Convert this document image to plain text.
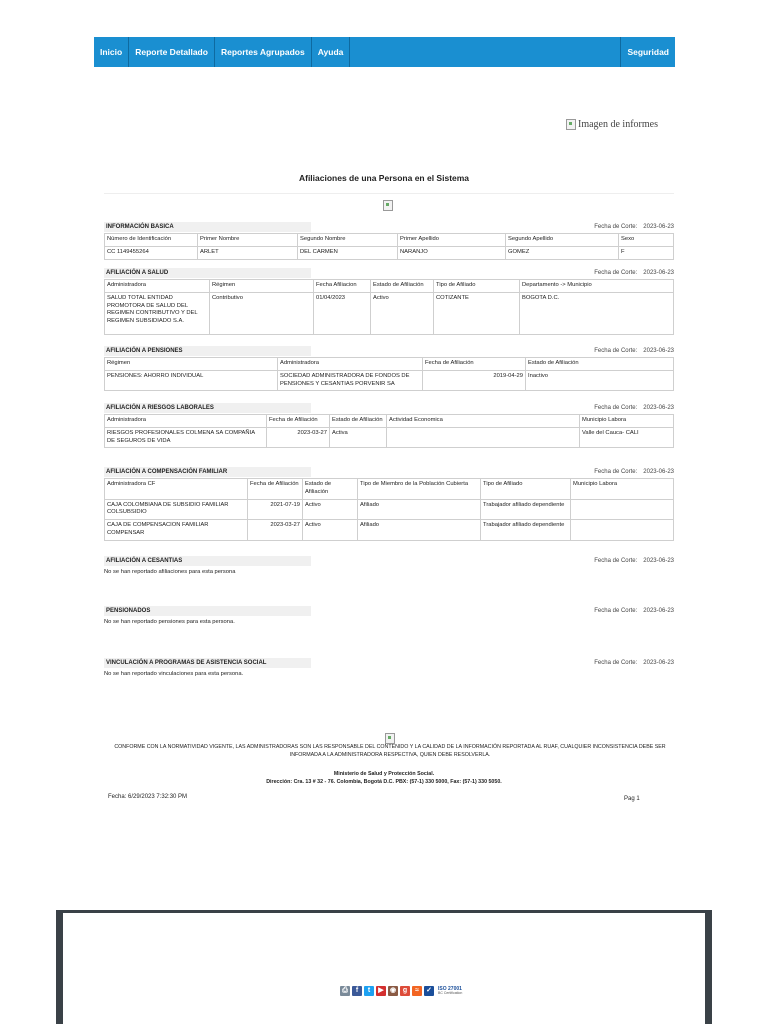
Inicio	Reporte Detallado	Reportes Agrupados	Ayuda	Seguridad
Imagen de informes
Afiliaciones de una Persona en el Sistema
INFORMACIÓN BASICA	Fecha de Corte: 2023-06-23
Número de Identificación	Primer Nombre	Segundo Nombre	Primer Apellido	Segundo Apellido	Sexo
CC 1149455264	ARLET	DEL CARMEN	NARANJO	GOMEZ	F
AFILIACIÓN A SALUD	Fecha de Corte: 2023-06-23
Administradora	Régimen	Fecha Afiliacion	Estado de Afiliación	Tipo de Afiliado	Departamento -> Municipio
SALUD TOTAL ENTIDAD PROMOTORA DE SALUD DEL REGIMEN CONTRIBUTIVO Y DEL REGIMEN SUBSIDIADO S.A.	Contributivo	01/04/2023	Activo	COTIZANTE	BOGOTA D.C.
AFILIACIÓN A PENSIONES	Fecha de Corte: 2023-06-23
Régimen	Administradora	Fecha de Afiliación	Estado de Afiliación
PENSIONES: AHORRO INDIVIDUAL	SOCIEDAD ADMINISTRADORA DE FONDOS DE PENSIONES Y CESANTIAS PORVENIR SA	2019-04-29	Inactivo
AFILIACIÓN A RIESGOS LABORALES	Fecha de Corte: 2023-06-23
Administradora	Fecha de Afiliación	Estado de Afiliación	Actividad Economica	Municipio Labora
RIESGOS PROFESIONALES COLMENA SA COMPAÑIA DE SEGUROS DE VIDA	2023-03-27	Activa		Valle del Cauca- CALI
AFILIACIÓN A COMPENSACIÓN FAMILIAR	Fecha de Corte: 2023-06-23
Administradora CF	Fecha de Afiliación	Estado de Afiliación	Tipo de Miembro de la Población Cubierta	Tipo de Afiliado	Municipio Labora
CAJA COLOMBIANA DE SUBSIDIO FAMILIAR COLSUBSIDIO	2021-07-19	Activo	Afiliado	Trabajador afiliado dependiente	
CAJA DE COMPENSACION FAMILIAR COMPENSAR	2023-03-27	Activo	Afiliado	Trabajador afiliado dependiente	
AFILIACIÓN A CESANTIAS	Fecha de Corte: 2023-06-23
No se han reportado afiliaciones para esta persona
PENSIONADOS	Fecha de Corte: 2023-06-23
No se han reportado pensiones para esta persona.
VINCULACIÓN A PROGRAMAS DE ASISTENCIA SOCIAL	Fecha de Corte: 2023-06-23
No se han reportado vinculaciones para esta persona.
CONFORME CON LA NORMATIVIDAD VIGENTE, LAS ADMINISTRADORAS SON LAS RESPONSABLE DEL CONTENIDO Y LA CALIDAD DE LA INFORMACIÓN REPORTADA AL RUAF, CUALQUIER INCONSISTENCIA DEBE SER INFORMADA A LA ADMINISTRADORA RESPECTIVA, QUIEN DEBE RESOLVERLA.
Ministerio de Salud y Protección Social.
Dirección: Cra. 13 # 32 - 76. Colombia, Bogotá D.C. PBX: (57-1) 330 5000, Fax: (57-1) 330 5050.
Fecha: 6/29/2023 7:32:30 PM	Pag 1
⎙	f	t	▶ ◉ g	≈	✓	ISO 27001
BC Certification
